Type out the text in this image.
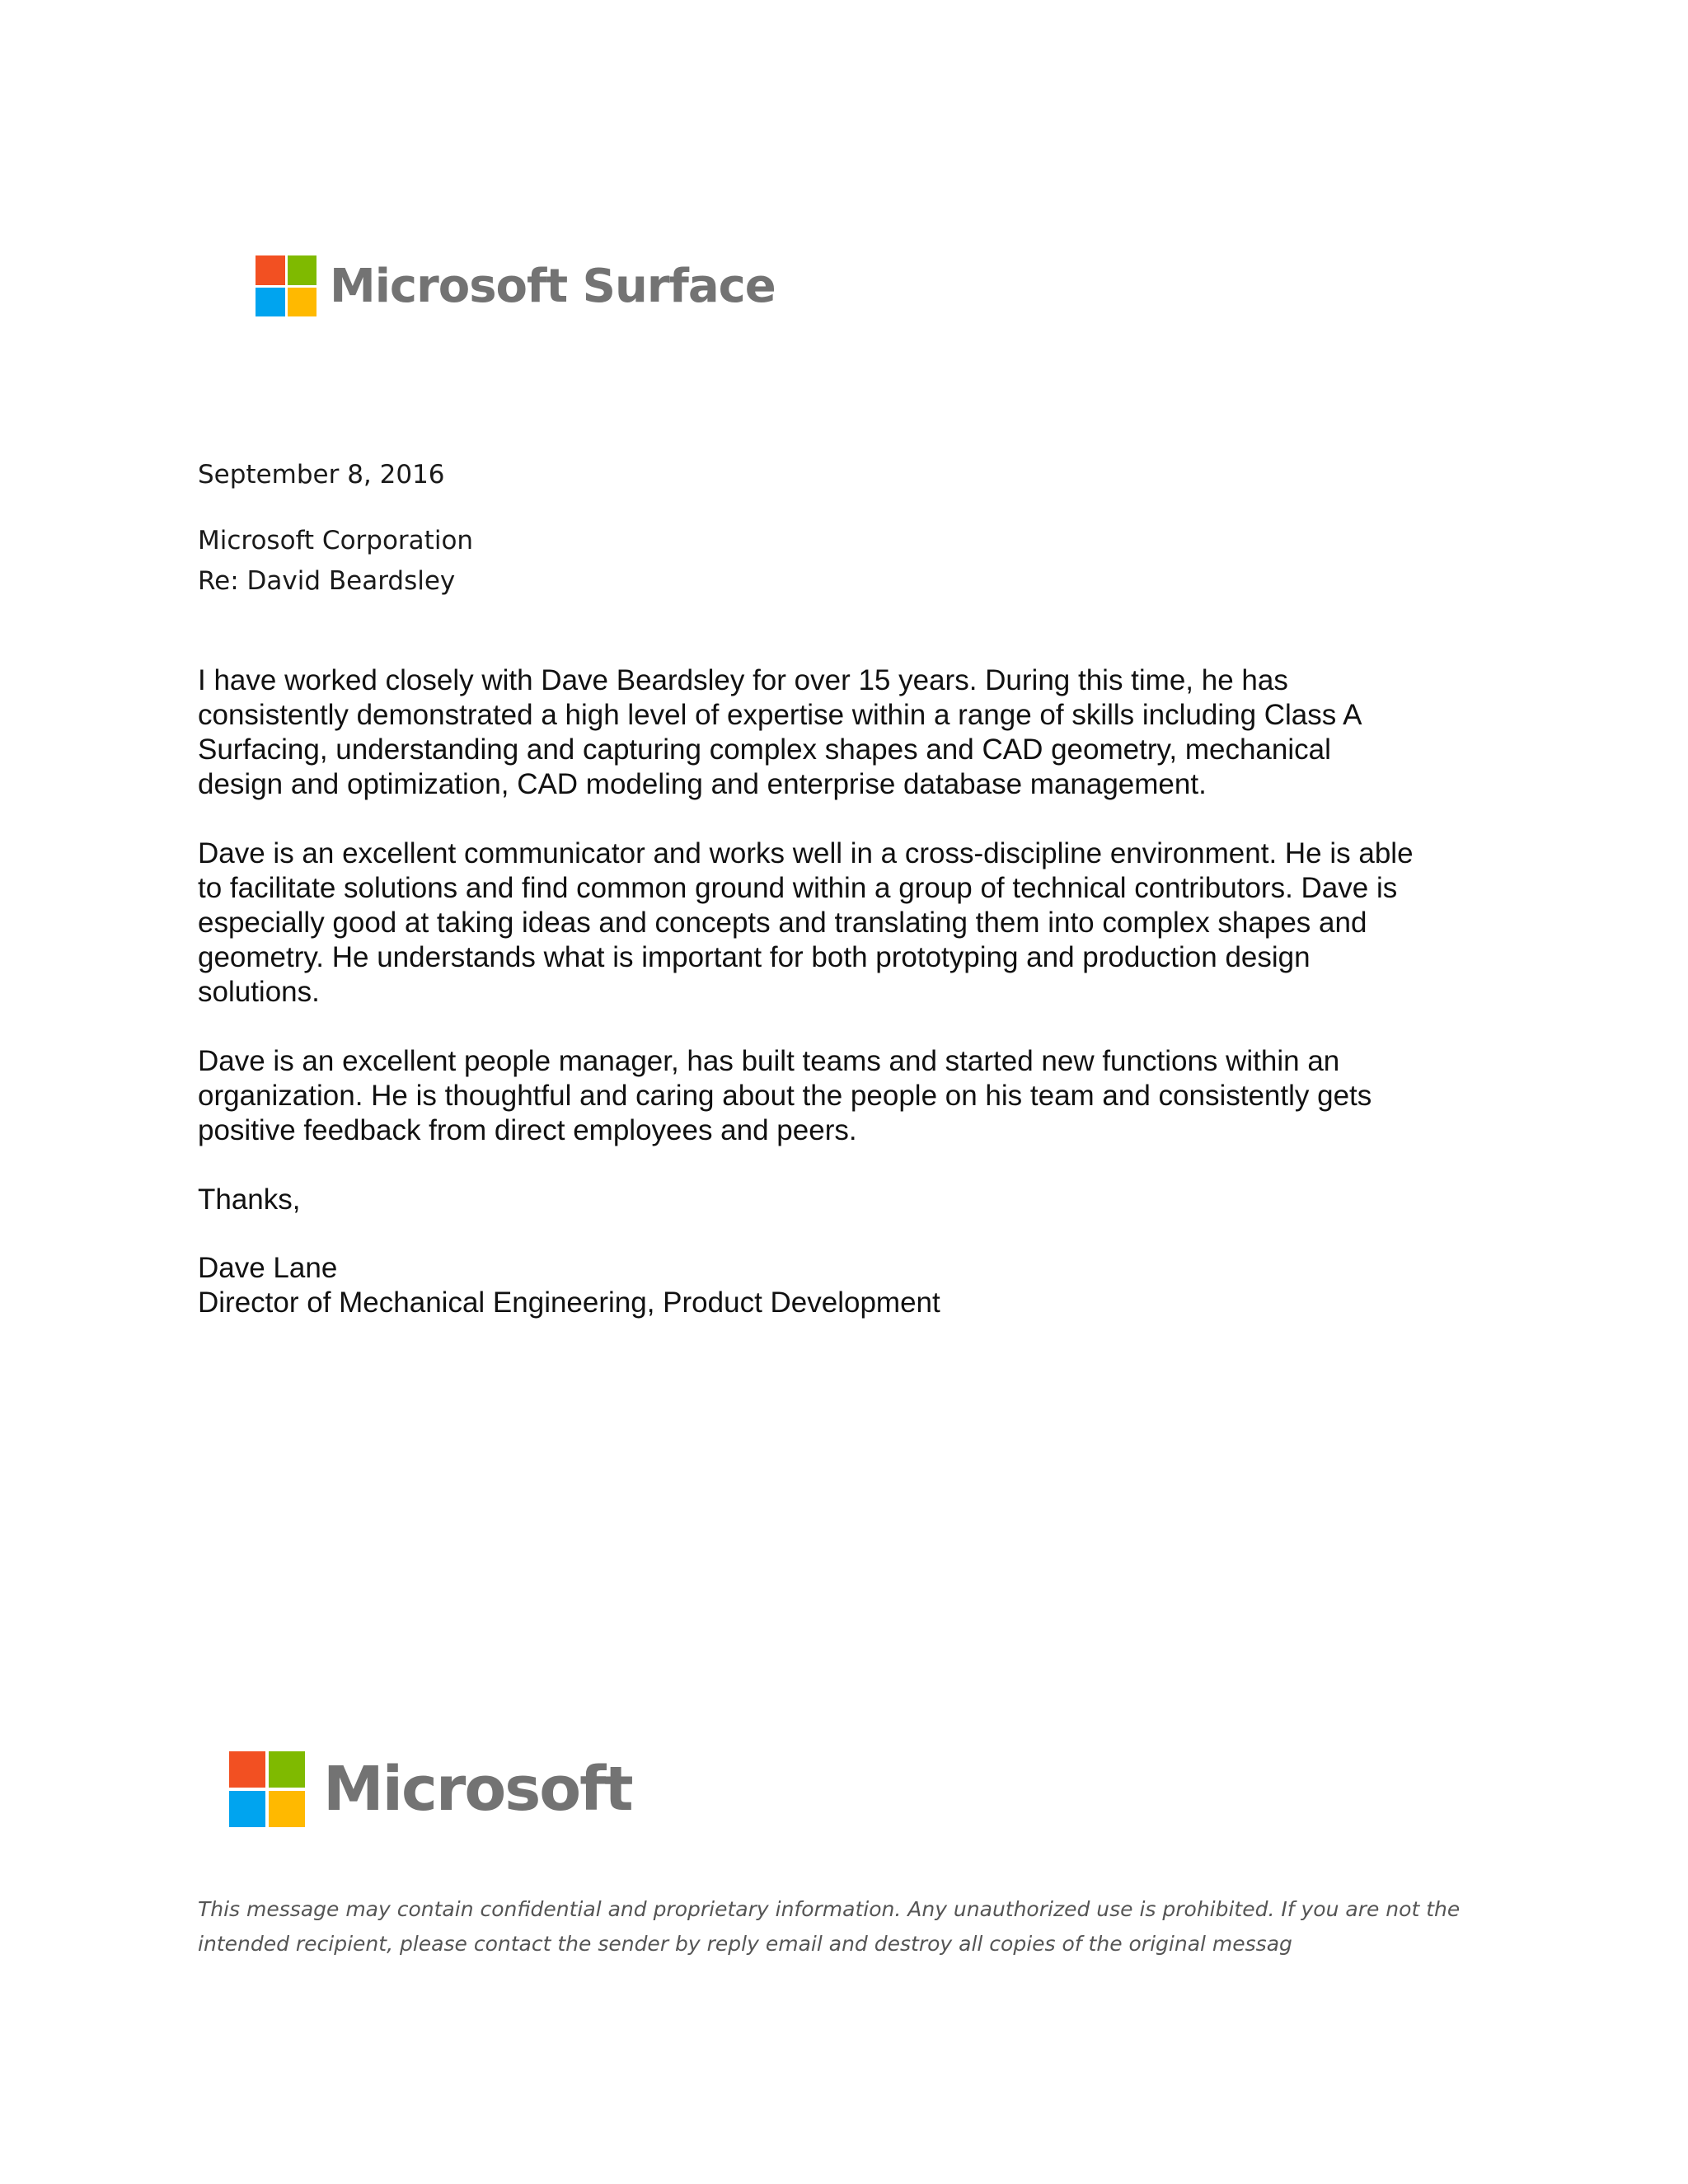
Microsoft Surface
September 8, 2016
Microsoft Corporation
Re: David Beardsley

I have worked closely with Dave Beardsley for over 15 years. During this time, he has
consistently demonstrated a high level of expertise within a range of skills including Class A
Surfacing, understanding and capturing complex shapes and CAD geometry, mechanical
design and optimization, CAD modeling and enterprise database management.

Dave is an excellent communicator and works well in a cross-discipline environment. He is able
to facilitate solutions and find common ground within a group of technical contributors. Dave is
especially good at taking ideas and concepts and translating them into complex shapes and
geometry. He understands what is important for both prototyping and production design
solutions.

Dave is an excellent people manager, has built teams and started new functions within an
organization. He is thoughtful and caring about the people on his team and consistently gets
positive feedback from direct employees and peers.

Thanks,
Dave Lane
Director of Mechanical Engineering, Product Development
Microsoft
This message may contain confidential and proprietary information. Any unauthorized use is prohibited. If you are not the intended recipient, please contact the sender by reply email and destroy all copies of the original messag
